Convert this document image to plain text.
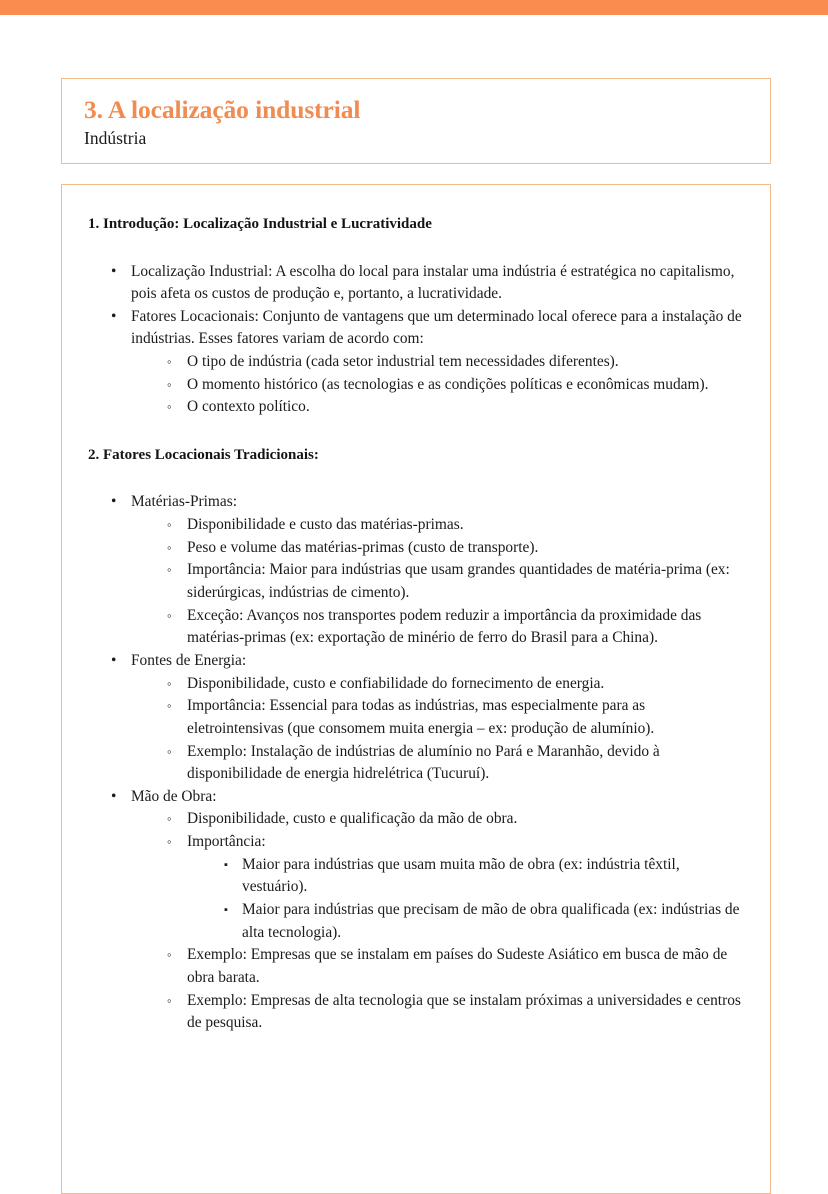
3. A localização industrial
Indústria
1. Introdução: Localização Industrial e Lucratividade
• Localização Industrial: A escolha do local para instalar uma indústria é estratégica no capitalismo, pois afeta os custos de produção e, portanto, a lucratividade.
• Fatores Locacionais: Conjunto de vantagens que um determinado local oferece para a instalação de indústrias. Esses fatores variam de acordo com:
◦ O tipo de indústria (cada setor industrial tem necessidades diferentes).
◦ O momento histórico (as tecnologias e as condições políticas e econômicas mudam).
◦ O contexto político.
2. Fatores Locacionais Tradicionais:
• Matérias-Primas:
◦ Disponibilidade e custo das matérias-primas.
◦ Peso e volume das matérias-primas (custo de transporte).
◦ Importância: Maior para indústrias que usam grandes quantidades de matéria-prima (ex: siderúrgicas, indústrias de cimento).
◦ Exceção: Avanços nos transportes podem reduzir a importância da proximidade das matérias-primas (ex: exportação de minério de ferro do Brasil para a China).
• Fontes de Energia:
◦ Disponibilidade, custo e confiabilidade do fornecimento de energia.
◦ Importância: Essencial para todas as indústrias, mas especialmente para as eletrointensivas (que consomem muita energia – ex: produção de alumínio).
◦ Exemplo: Instalação de indústrias de alumínio no Pará e Maranhão, devido à disponibilidade de energia hidrelétrica (Tucuruí).
• Mão de Obra:
◦ Disponibilidade, custo e qualificação da mão de obra.
◦ Importância:
▪ Maior para indústrias que usam muita mão de obra (ex: indústria têxtil, vestuário).
▪ Maior para indústrias que precisam de mão de obra qualificada (ex: indústrias de alta tecnologia).
◦ Exemplo: Empresas que se instalam em países do Sudeste Asiático em busca de mão de obra barata.
◦ Exemplo: Empresas de alta tecnologia que se instalam próximas a universidades e centros de pesquisa.
